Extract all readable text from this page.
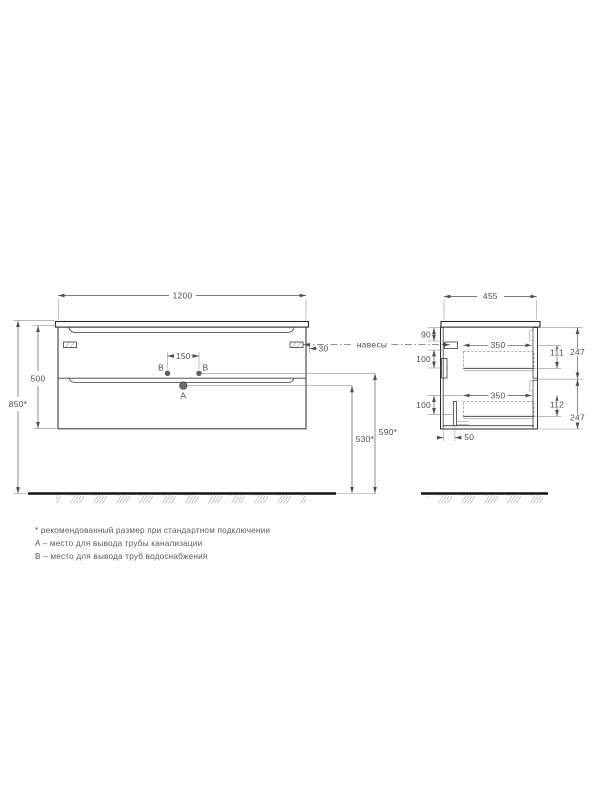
B	B
A
1200
150
500
850*
30	навесы
530*
590*
455
90
100
100
350
350
111
112
247
247
50
* рекомендованный размер при стандартном подключении
A – место для вывода трубы канализации
B – место для вывода труб водоснабжения
